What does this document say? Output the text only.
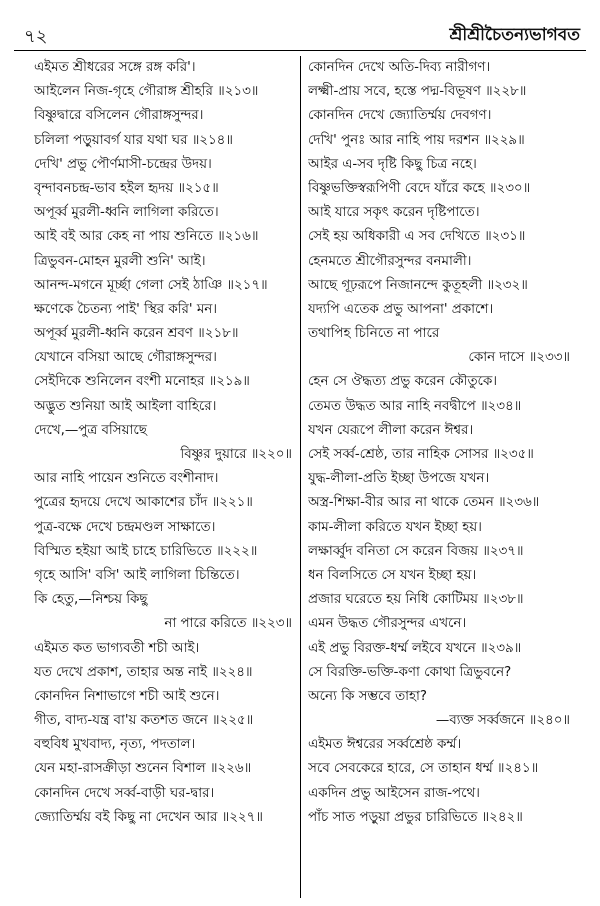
৭২	শ্রীশ্রীচৈতন্যভাগবত
এইমত শ্রীধরের সঙ্গে রঙ্গ করি'।
আইলেন নিজ-গৃহে গৌরাঙ্গ শ্রীহরি ॥২১৩॥
বিষ্ণুদ্বারে বসিলেন গৌরাঙ্গসুন্দর।
চলিলা পড়ুয়াবর্গ যার যথা ঘর ॥২১৪॥
দেখি' প্রভু পৌর্ণমাসী-চন্দ্রের উদয়।
বৃন্দাবনচন্দ্র-ভাব হইল হৃদয় ॥২১৫॥
অপূর্ব্ব মুরলী-ধ্বনি লাগিলা করিতে।
আই বই আর কেহ না পায় শুনিতে ॥২১৬॥
ত্রিভুবন-মোহন মুরলী শুনি' আই।
আনন্দ-মগনে মূর্চ্ছা গেলা সেই ঠাঞি ॥২১৭॥
ক্ষণেকে চৈতন্য পাই' স্থির করি' মন।
অপূর্ব্ব মুরলী-ধ্বনি করেন শ্রবণ ॥২১৮॥
যেখানে বসিয়া আছে গৌরাঙ্গসুন্দর।
সেইদিকে শুনিলেন বংশী মনোহর ॥২১৯॥
অদ্ভুত শুনিয়া আই আইলা বাহিরে।
দেখে,—পুত্র বসিয়াছে
বিষ্ণুর দুয়ারে ॥২২০॥
আর নাহি পায়েন শুনিতে বংশীনাদ।
পুত্রের হৃদয়ে দেখে আকাশের চাঁদ ॥২২১॥
পুত্র-বক্ষে দেখে চন্দ্রমণ্ডল সাক্ষাতে।
বিস্মিত হইয়া আই চাহে চারিভিতে ॥২২২॥
গৃহে আসি' বসি' আই লাগিলা চিন্তিতে।
কি হেতু,—নিশ্চয় কিছু
না পারে করিতে ॥২২৩॥
এইমত কত ভাগ্যবতী শচী আই।
যত দেখে প্রকাশ, তাহার অন্ত নাই ॥২২৪॥
কোনদিন নিশাভাগে শচী আই শুনে।
গীত, বাদ্য-যন্ত্র বা'য় কতশত জনে ॥২২৫॥
বহুবিধ মুখবাদ্য, নৃত্য, পদতাল।
যেন মহা-রাসক্রীড়া শুনেন বিশাল ॥২২৬॥
কোনদিন দেখে সর্ব্ব-বাড়ী ঘর-দ্বার।
জ্যোতির্ম্ময় বই কিছু না দেখেন আর ॥২২৭॥
কোনদিন দেখে অতি-দিব্য নারীগণ।
লক্ষ্মী-প্রায় সবে, হস্তে পদ্ম-বিভূষণ ॥২২৮॥
কোনদিন দেখে জ্যোতির্ম্ময় দেবগণ।
দেখি' পুনঃ আর নাহি পায় দরশন ॥২২৯॥
আইর এ-সব দৃষ্টি কিছু চিত্র নহে।
বিষ্ণুভক্তিস্বরূপিণী বেদে যাঁরে কহে ॥২৩০॥
আই যারে সকৃৎ করেন দৃষ্টিপাতে।
সেই হয় অধিকারী এ সব দেখিতে ॥২৩১॥
হেনমতে শ্রীগৌরসুন্দর বনমালী।
আছে গূঢ়রূপে নিজানন্দে কুতূহলী ॥২৩২॥
যদ্যপি এতেক প্রভু আপনা' প্রকাশে।
তথাপিহ চিনিতে না পারে
কোন দাসে ॥২৩৩॥
হেন সে ঔদ্ধত্য প্রভু করেন কৌতুকে।
তেমত উদ্ধত আর নাহি নবদ্বীপে ॥২৩৪॥
যখন যেরূপে লীলা করেন ঈশ্বর।
সেই সর্ব্ব-শ্রেষ্ঠ, তার নাহিক সোসর ॥২৩৫॥
যুদ্ধ-লীলা-প্রতি ইচ্ছা উপজে যখন।
অস্ত্র-শিক্ষা-বীর আর না থাকে তেমন ॥২৩৬॥
কাম-লীলা করিতে যখন ইচ্ছা হয়।
লক্ষার্ব্বুদ বনিতা সে করেন বিজয় ॥২৩৭॥
ধন বিলসিতে সে যখন ইচ্ছা হয়।
প্রজার ঘরেতে হয় নিধি কোটিময় ॥২৩৮॥
এমন উদ্ধত গৌরসুন্দর এখনে।
এই প্রভু বিরক্ত-ধর্ম্ম লইবে যখনে ॥২৩৯॥
সে বিরক্তি-ভক্তি-কণা কোথা ত্রিভুবনে?
অন্যে কি সম্ভবে তাহা?
—ব্যক্ত সর্ব্বজনে ॥২৪০॥
এইমত ঈশ্বরের সর্ব্বশ্রেষ্ঠ কর্ম্ম।
সবে সেবকেরে হারে, সে তাহান ধর্ম্ম ॥২৪১॥
একদিন প্রভু আইসেন রাজ-পথে।
পাঁচ সাত পড়ুয়া প্রভুর চারিভিতে ॥২৪২॥
